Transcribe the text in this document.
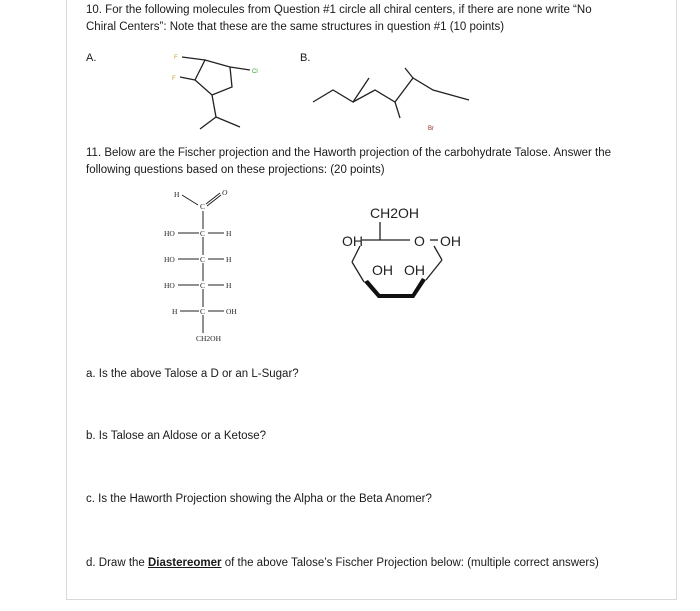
10. For the following molecules from Question #1 circle all chiral centers, if there are none write “No
Chiral Centers”: Note that these are the same structures in question #1 (10 points)
A.	B.
F
F
Cl
Br
11. Below are the Fischer projection and the Haworth projection of the carbohydrate Talose. Answer the
following questions based on these projections: (20 points)
H	O
C
HO	C	H
HO	C	H
HO	C	H
H	C	OH
CH2OH
CH2OH
OH	O OH
OH OH
a. Is the above Talose a D or an L-Sugar?
b. Is Talose an Aldose or a Ketose?
c. Is the Haworth Projection showing the Alpha or the Beta Anomer?
d. Draw the Diastereomer of the above Talose’s Fischer Projection below: (multiple correct answers)
